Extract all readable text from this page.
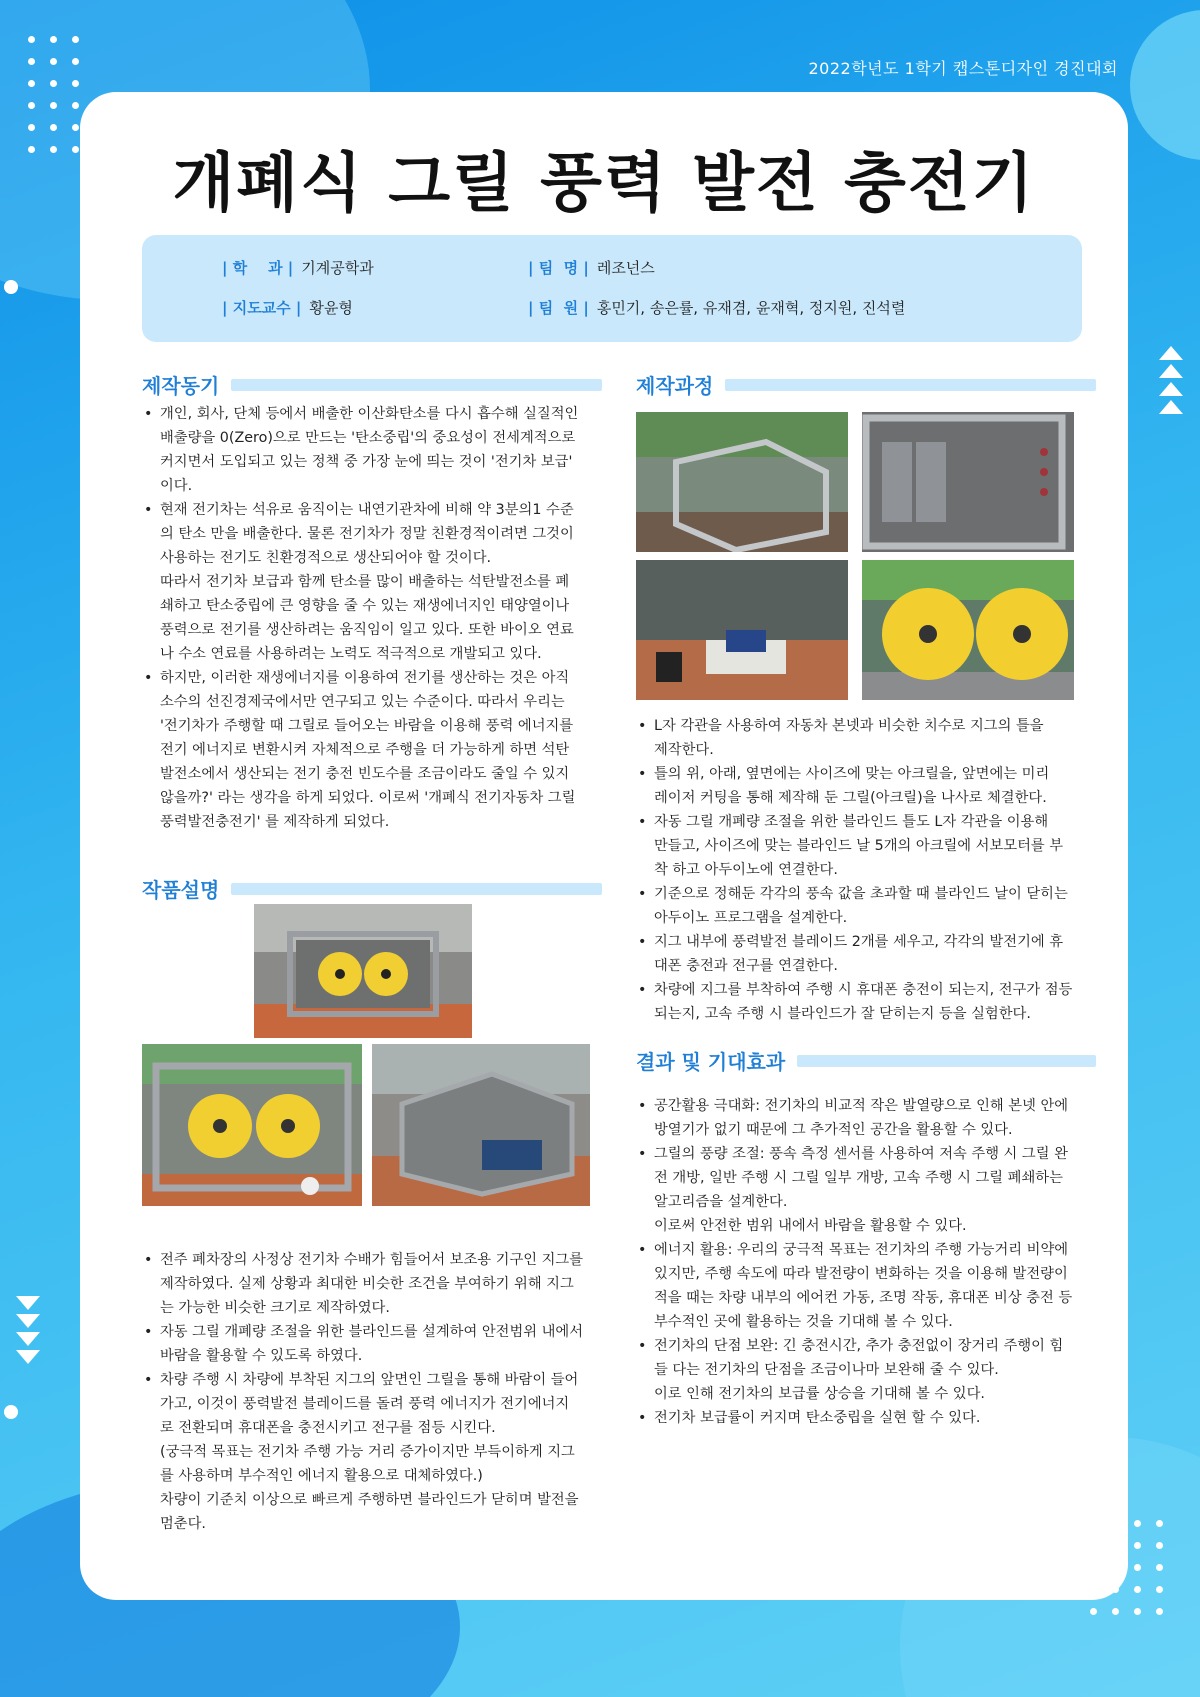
2022학년도 1학기 캡스톤디자인 경진대회
개폐식 그릴 풍력 발전 충전기
| 학    과 | 기계공학과
| 지도교수 | 황윤형
| 팀  명 | 레조넌스
| 팀  원 | 홍민기, 송은률, 유재겸, 윤재혁, 정지원, 진석렬
제작동기
• 개인, 회사, 단체 등에서 배출한 이산화탄소를 다시 흡수해 실질적인
배출량을 0(Zero)으로 만드는 '탄소중립'의 중요성이 전세계적으로
커지면서 도입되고 있는 정책 중 가장 눈에 띄는 것이 '전기차 보급'
이다.
• 현재 전기차는 석유로 움직이는 내연기관차에 비해 약 3분의1 수준
의 탄소 만을 배출한다. 물론 전기차가 정말 친환경적이려면 그것이
사용하는 전기도 친환경적으로 생산되어야 할 것이다.
따라서 전기차 보급과 함께 탄소를 많이 배출하는 석탄발전소를 폐
쇄하고 탄소중립에 큰 영향을 줄 수 있는 재생에너지인 태양열이나
풍력으로 전기를 생산하려는 움직임이 일고 있다. 또한 바이오 연료
나 수소 연료를 사용하려는 노력도 적극적으로 개발되고 있다.
• 하지만, 이러한 재생에너지를 이용하여 전기를 생산하는 것은 아직
소수의 선진경제국에서만 연구되고 있는 수준이다. 따라서 우리는
'전기차가 주행할 때 그릴로 들어오는 바람을 이용해 풍력 에너지를
전기 에너지로 변환시켜 자체적으로 주행을 더 가능하게 하면 석탄
발전소에서 생산되는 전기 충전 빈도수를 조금이라도 줄일 수 있지
않을까?' 라는 생각을 하게 되었다. 이로써 '개폐식 전기자동차 그릴
풍력발전충전기' 를 제작하게 되었다.
작품설명
• 전주 폐차장의 사정상 전기차 수배가 힘들어서 보조용 기구인 지그를
제작하였다. 실제 상황과 최대한 비슷한 조건을 부여하기 위해 지그
는 가능한 비슷한 크기로 제작하였다.
• 자동 그릴 개폐량 조절을 위한 블라인드를 설계하여 안전범위 내에서
바람을 활용할 수 있도록 하였다.
• 차량 주행 시 차량에 부착된 지그의 앞면인 그릴을 통해 바람이 들어
가고, 이것이 풍력발전 블레이드를 돌려 풍력 에너지가 전기에너지
로 전환되며 휴대폰을 충전시키고 전구를 점등 시킨다.
(궁극적 목표는 전기차 주행 가능 거리 증가이지만 부득이하게 지그
를 사용하며 부수적인 에너지 활용으로 대체하였다.)
차량이 기준치 이상으로 빠르게 주행하면 블라인드가 닫히며 발전을
멈춘다.
제작과정
• L자 각관을 사용하여 자동차 본넷과 비슷한 치수로 지그의 틀을
제작한다.
• 틀의 위, 아래, 옆면에는 사이즈에 맞는 아크릴을, 앞면에는 미리
레이저 커팅을 통해 제작해 둔 그릴(아크릴)을 나사로 체결한다.
• 자동 그릴 개폐량 조절을 위한 블라인드 틀도 L자 각관을 이용해
만들고, 사이즈에 맞는 블라인드 날 5개의 아크릴에 서보모터를 부
착 하고 아두이노에 연결한다.
• 기준으로 정해둔 각각의 풍속 값을 초과할 때 블라인드 날이 닫히는
아두이노 프로그램을 설계한다.
• 지그 내부에 풍력발전 블레이드 2개를 세우고, 각각의 발전기에 휴
대폰 충전과 전구를 연결한다.
• 차량에 지그를 부착하여 주행 시 휴대폰 충전이 되는지, 전구가 점등
되는지, 고속 주행 시 블라인드가 잘 닫히는지 등을 실험한다.
결과 및 기대효과
• 공간활용 극대화: 전기차의 비교적 작은 발열량으로 인해 본넷 안에
방열기가 없기 때문에 그 추가적인 공간을 활용할 수 있다.
• 그릴의 풍량 조절: 풍속 측정 센서를 사용하여 저속 주행 시 그릴 완
전 개방, 일반 주행 시 그릴 일부 개방, 고속 주행 시 그릴 폐쇄하는
알고리즘을 설계한다.
이로써 안전한 범위 내에서 바람을 활용할 수 있다.
• 에너지 활용: 우리의 궁극적 목표는 전기차의 주행 가능거리 비약에
있지만, 주행 속도에 따라 발전량이 변화하는 것을 이용해 발전량이
적을 때는 차량 내부의 에어컨 가동, 조명 작동, 휴대폰 비상 충전 등
부수적인 곳에 활용하는 것을 기대해 볼 수 있다.
• 전기차의 단점 보완: 긴 충전시간, 추가 충전없이 장거리 주행이 힘
들 다는 전기차의 단점을 조금이나마 보완해 줄 수 있다.
이로 인해 전기차의 보급률 상승을 기대해 볼 수 있다.
• 전기차 보급률이 커지며 탄소중립을 실현 할 수 있다.
